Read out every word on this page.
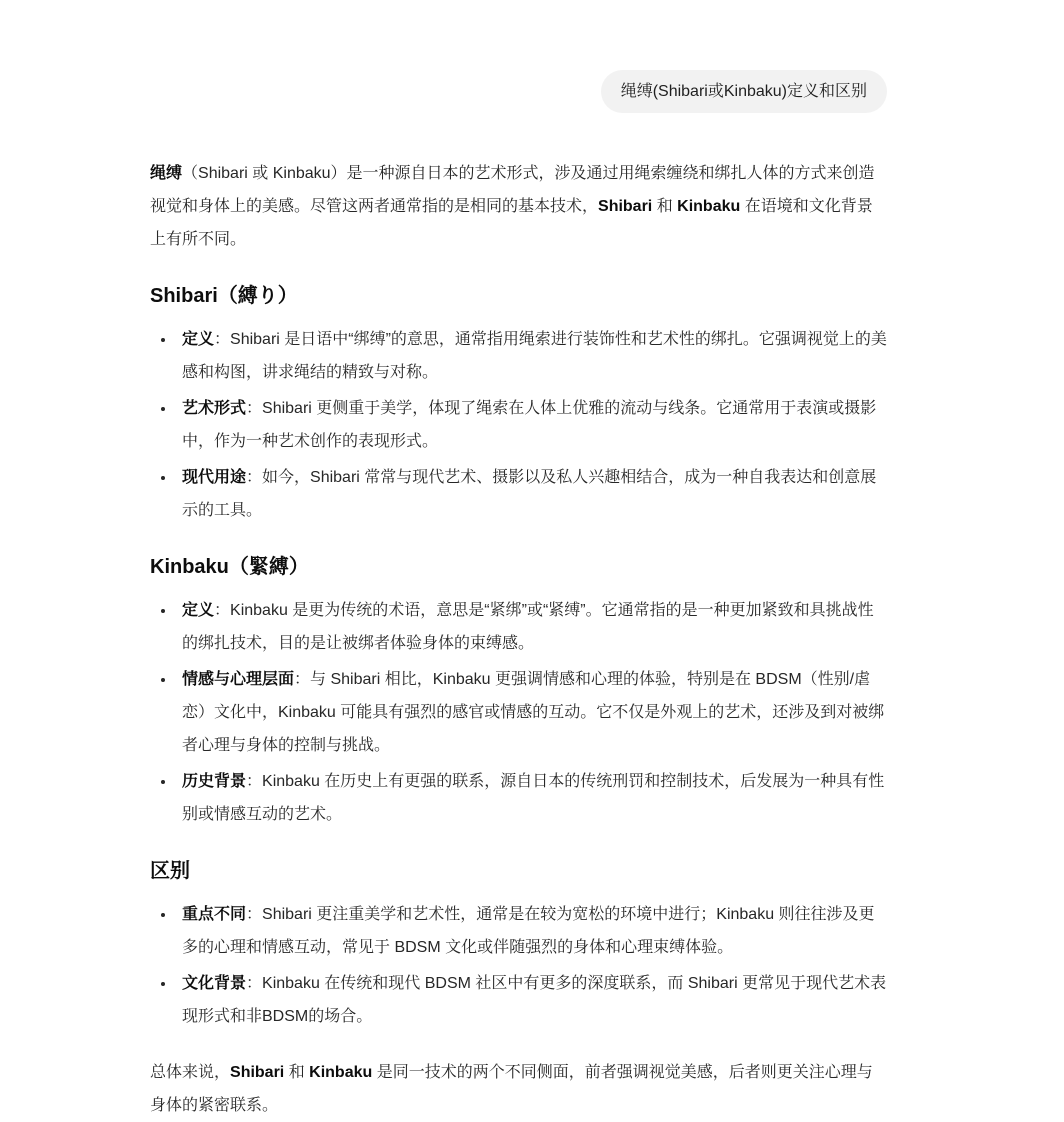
绳缚(Shibari或Kinbaku)定义和区别

绳缚（Shibari 或 Kinbaku）是一种源自日本的艺术形式，涉及通过用绳索缠绕和绑扎人体的方式来创造视觉和身体上的美感。尽管这两者通常指的是相同的基本技术，Shibari 和 Kinbaku 在语境和文化背景上有所不同。

Shibari（縛り）
• 定义：Shibari 是日语中“绑缚”的意思，通常指用绳索进行装饰性和艺术性的绑扎。它强调视觉上的美感和构图，讲求绳结的精致与对称。
• 艺术形式：Shibari 更侧重于美学，体现了绳索在人体上优雅的流动与线条。它通常用于表演或摄影中，作为一种艺术创作的表现形式。
• 现代用途：如今，Shibari 常常与现代艺术、摄影以及私人兴趣相结合，成为一种自我表达和创意展示的工具。
Kinbaku（緊縛）
• 定义：Kinbaku 是更为传统的术语，意思是“紧绑”或“紧缚”。它通常指的是一种更加紧致和具挑战性的绑扎技术，目的是让被绑者体验身体的束缚感。
• 情感与心理层面：与 Shibari 相比，Kinbaku 更强调情感和心理的体验，特别是在 BDSM（性别/虐恋）文化中，Kinbaku 可能具有强烈的感官或情感的互动。它不仅是外观上的艺术，还涉及到对被绑者心理与身体的控制与挑战。
• 历史背景：Kinbaku 在历史上有更强的联系，源自日本的传统刑罚和控制技术，后发展为一种具有性别或情感互动的艺术。
区别
• 重点不同：Shibari 更注重美学和艺术性，通常是在较为宽松的环境中进行；Kinbaku 则往往涉及更多的心理和情感互动，常见于 BDSM 文化或伴随强烈的身体和心理束缚体验。
• 文化背景：Kinbaku 在传统和现代 BDSM 社区中有更多的深度联系，而 Shibari 更常见于现代艺术表现形式和非BDSM的场合。

总体来说，Shibari 和 Kinbaku 是同一技术的两个不同侧面，前者强调视觉美感，后者则更关注心理与身体的紧密联系。
